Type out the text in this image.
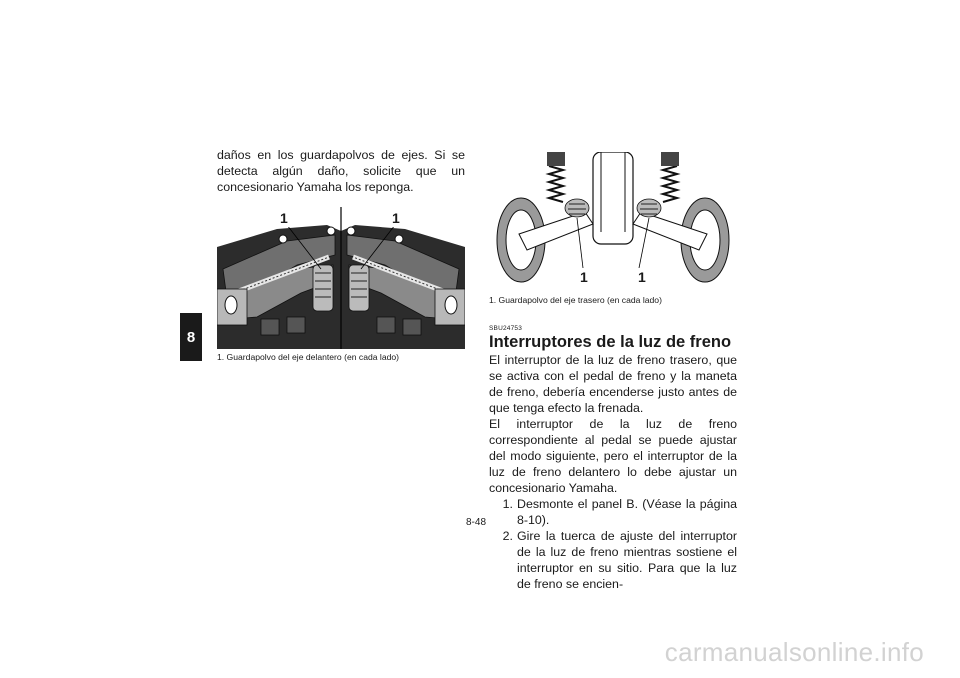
8

daños en los guardapolvos de ejes. Si se detecta algún daño, solicite que un concesionario Yamaha los reponga.

1	1
1. Guardapolvo del eje delantero (en cada lado)
1	1
1. Guardapolvo del eje trasero (en cada lado)
SBU24753
Interruptores de la luz de freno

El interruptor de la luz de freno trasero, que se activa con el pedal de freno y la maneta de freno, debería encenderse justo antes de que tenga efecto la frenada.

El interruptor de la luz de freno correspondiente al pedal se puede ajustar del modo siguiente, pero el interruptor de la luz de freno delantero lo debe ajustar un concesionario Yamaha.

1. Desmonte el panel B. (Véase la página 8-10).
2. Gire la tuerca de ajuste del interruptor de la luz de freno mientras sostiene el interruptor en su sitio. Para que la luz de freno se encien-
8-48
carmanualsonline.info
